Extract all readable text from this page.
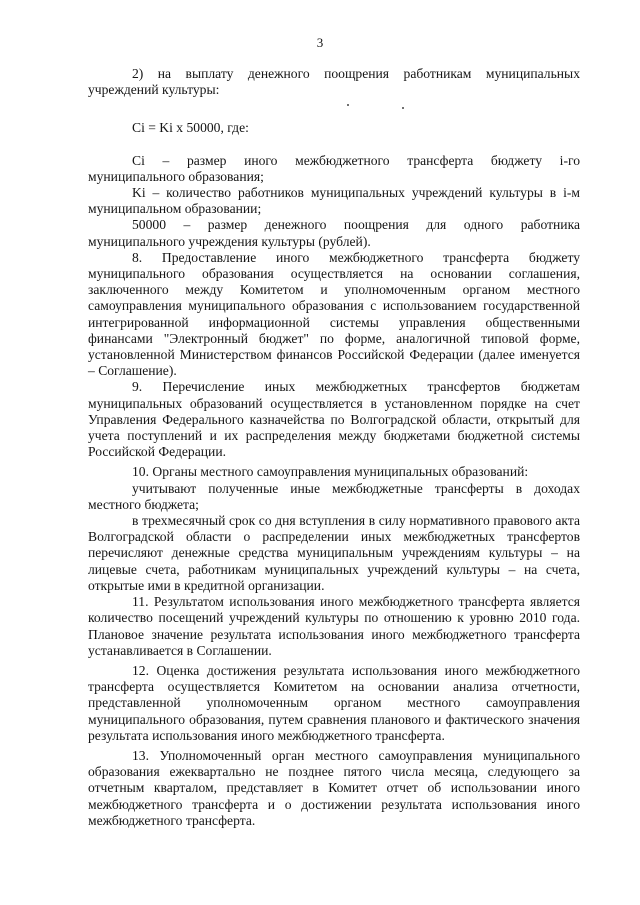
3

2) на выплату денежного поощрения работникам муниципальных учреждений культуры:

Ci = Ki х 50000, где:

Ci – размер иного межбюджетного трансферта бюджету i-го муниципального образования;

Ki – количество работников муниципальных учреждений культуры в i-м муниципальном образовании;

50000 – размер денежного поощрения для одного работника муниципального учреждения культуры (рублей).

8. Предоставление иного межбюджетного трансферта бюджету муниципального образования осуществляется на основании соглашения, заключенного между Комитетом и уполномоченным органом местного самоуправления муниципального образования с использованием государственной интегрированной информационной системы управления общественными финансами "Электронный бюджет" по форме, аналогичной типовой форме, установленной Министерством финансов Российской Федерации (далее именуется – Соглашение).

9. Перечисление иных межбюджетных трансфертов бюджетам муниципальных образований осуществляется в установленном порядке на счет Управления Федерального казначейства по Волгоградской области, открытый для учета поступлений и их распределения между бюджетами бюджетной системы Российской Федерации.

10. Органы местного самоуправления муниципальных образований:

учитывают полученные иные межбюджетные трансферты в доходах местного бюджета;

в трехмесячный срок со дня вступления в силу нормативного правового акта Волгоградской области о распределении иных межбюджетных трансфертов перечисляют денежные средства муниципальным учреждениям культуры – на лицевые счета, работникам муниципальных учреждений культуры – на счета, открытые ими в кредитной организации.

11. Результатом использования иного межбюджетного трансферта является количество посещений учреждений культуры по отношению к уровню 2010 года. Плановое значение результата использования иного межбюджетного трансферта устанавливается в Соглашении.

12. Оценка достижения результата использования иного межбюджетного трансферта осуществляется Комитетом на основании анализа отчетности, представленной уполномоченным органом местного самоуправления муниципального образования, путем сравнения планового и фактического значения результата использования иного межбюджетного трансферта.

13. Уполномоченный орган местного самоуправления муниципального образования ежеквартально не позднее пятого числа месяца, следующего за отчетным кварталом, представляет в Комитет отчет об использовании иного межбюджетного трансферта и о достижении результата использования иного межбюджетного трансферта.
